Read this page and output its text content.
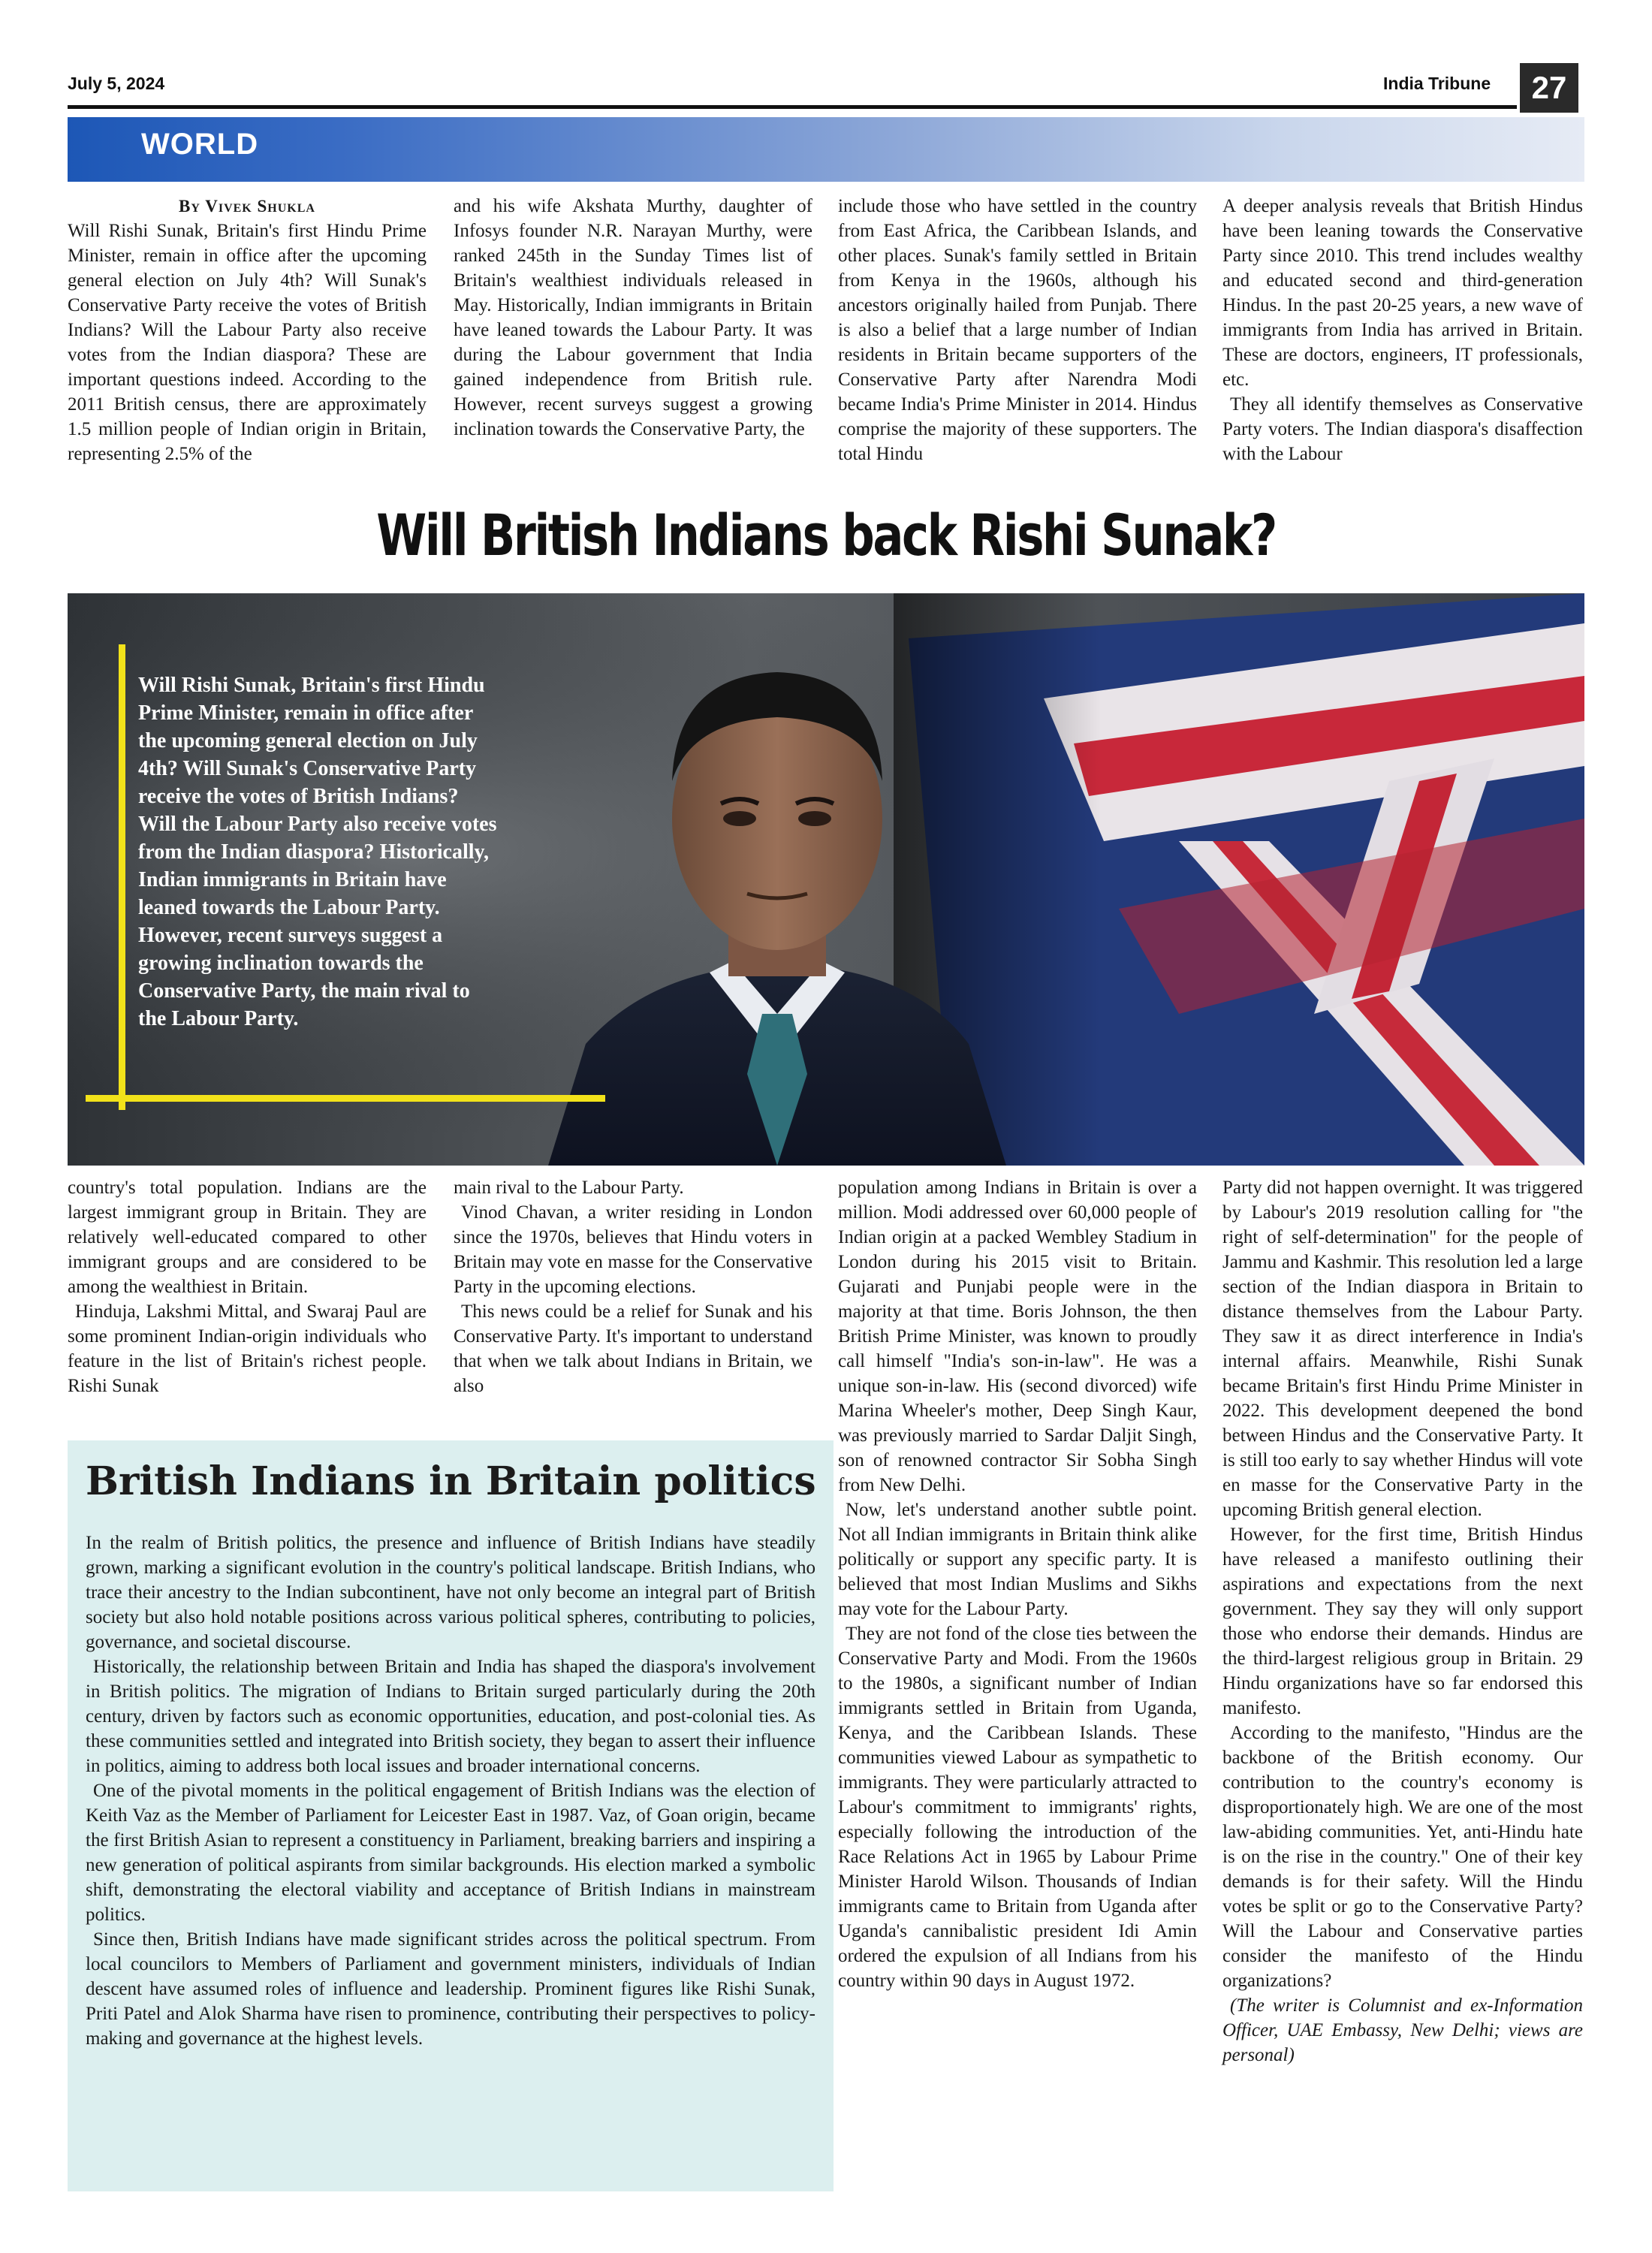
July 5, 2024	India Tribune	27
WORLD
By Vivek Shukla

Will Rishi Sunak, Britain's first Hindu Prime Minister, remain in office after the upcoming general election on July 4th? Will Sunak's Conservative Party receive the votes of British Indians? Will the Labour Party also receive votes from the Indian diaspora? These are important questions indeed. According to the 2011 British census, there are approximately 1.5 million people of Indian origin in Britain, representing 2.5% of the

and his wife Akshata Murthy, daughter of Infosys founder N.R. Narayan Murthy, were ranked 245th in the Sunday Times list of Britain's wealthiest individuals released in May. Historically, Indian immigrants in Britain have leaned towards the Labour Party. It was during the Labour government that India gained independence from British rule. However, recent surveys suggest a growing inclination towards the Conservative Party, the

include those who have settled in the country from East Africa, the Caribbean Islands, and other places. Sunak's family settled in Britain from Kenya in the 1960s, although his ancestors originally hailed from Punjab. There is also a belief that a large number of Indian residents in Britain became supporters of the Conservative Party after Narendra Modi became India's Prime Minister in 2014. Hindus comprise the majority of these supporters. The total Hindu

A deeper analysis reveals that British Hindus have been leaning towards the Conservative Party since 2010. This trend includes wealthy and educated second and third-generation Hindus. In the past 20-25 years, a new wave of immigrants from India has arrived in Britain. These are doctors, engineers, IT professionals, etc.

They all identify themselves as Conservative Party voters. The Indian diaspora's disaffection with the Labour

Will British Indians back Rishi Sunak?
Will Rishi Sunak, Britain's first Hindu Prime Minister, remain in office after the upcoming general election on July 4th? Will Sunak's Conservative Party receive the votes of British Indians? Will the Labour Party also receive votes from the Indian diaspora? Historically, Indian immigrants in Britain have leaned towards the Labour Party. However, recent surveys suggest a growing inclination towards the Conservative Party, the main rival to the Labour Party.

country's total population. Indians are the largest immigrant group in Britain. They are relatively well-educated compared to other immigrant groups and are considered to be among the wealthiest in Britain.

Hinduja, Lakshmi Mittal, and Swaraj Paul are some prominent Indian-origin individuals who feature in the list of Britain's richest people. Rishi Sunak

main rival to the Labour Party.

Vinod Chavan, a writer residing in London since the 1970s, believes that Hindu voters in Britain may vote en masse for the Conservative Party in the upcoming elections.

This news could be a relief for Sunak and his Conservative Party. It's important to understand that when we talk about Indians in Britain, we also

population among Indians in Britain is over a million. Modi addressed over 60,000 people of Indian origin at a packed Wembley Stadium in London during his 2015 visit to Britain. Gujarati and Punjabi people were in the majority at that time. Boris Johnson, the then British Prime Minister, was known to proudly call himself "India's son-in-law". He was a unique son-in-law. His (second divorced) wife Marina Wheeler's mother, Deep Singh Kaur, was previously married to Sardar Daljit Singh, son of renowned contractor Sir Sobha Singh from New Delhi.

Now, let's understand another subtle point. Not all Indian immigrants in Britain think alike politically or support any specific party. It is believed that most Indian Muslims and Sikhs may vote for the Labour Party.

They are not fond of the close ties between the Conservative Party and Modi. From the 1960s to the 1980s, a significant number of Indian immigrants settled in Britain from Uganda, Kenya, and the Caribbean Islands. These communities viewed Labour as sympathetic to immigrants. They were particularly attracted to Labour's commitment to immigrants' rights, especially following the introduction of the Race Relations Act in 1965 by Labour Prime Minister Harold Wilson. Thousands of Indian immigrants came to Britain from Uganda after Uganda's cannibalistic president Idi Amin ordered the expulsion of all Indians from his country within 90 days in August 1972.

Party did not happen overnight. It was triggered by Labour's 2019 resolution calling for "the right of self-determination" for the people of Jammu and Kashmir. This resolution led a large section of the Indian diaspora in Britain to distance themselves from the Labour Party. They saw it as direct interference in India's internal affairs. Meanwhile, Rishi Sunak became Britain's first Hindu Prime Minister in 2022. This development deepened the bond between Hindus and the Conservative Party. It is still too early to say whether Hindus will vote en masse for the Conservative Party in the upcoming British general election.

However, for the first time, British Hindus have released a manifesto outlining their aspirations and expectations from the next government. They say they will only support those who endorse their demands. Hindus are the third-largest religious group in Britain. 29 Hindu organizations have so far endorsed this manifesto.

According to the manifesto, "Hindus are the backbone of the British economy. Our contribution to the country's economy is disproportionately high. We are one of the most law-abiding communities. Yet, anti-Hindu hate is on the rise in the country." One of their key demands is for their safety. Will the Hindu votes be split or go to the Conservative Party? Will the Labour and Conservative parties consider the manifesto of the Hindu organizations?

(The writer is Columnist and ex-Information Officer, UAE Embassy, New Delhi; views are personal)

British Indians in Britain politics

In the realm of British politics, the presence and influence of British Indians have steadily grown, marking a significant evolution in the country's political landscape. British Indians, who trace their ancestry to the Indian subcontinent, have not only become an integral part of British society but also hold notable positions across various political spheres, contributing to policies, governance, and societal discourse.

Historically, the relationship between Britain and India has shaped the diaspora's involvement in British politics. The migration of Indians to Britain surged particularly during the 20th century, driven by factors such as economic opportunities, education, and post-colonial ties. As these communities settled and integrated into British society, they began to assert their influence in politics, aiming to address both local issues and broader international concerns.

One of the pivotal moments in the political engagement of British Indians was the election of Keith Vaz as the Member of Parliament for Leicester East in 1987. Vaz, of Goan origin, became the first British Asian to represent a constituency in Parliament, breaking barriers and inspiring a new generation of political aspirants from similar backgrounds. His election marked a symbolic shift, demonstrating the electoral viability and acceptance of British Indians in mainstream politics.

Since then, British Indians have made significant strides across the political spectrum. From local councilors to Members of Parliament and government ministers, individuals of Indian descent have assumed roles of influence and leadership. Prominent figures like Rishi Sunak, Priti Patel and Alok Sharma have risen to prominence, contributing their perspectives to policy-making and governance at the highest levels.
